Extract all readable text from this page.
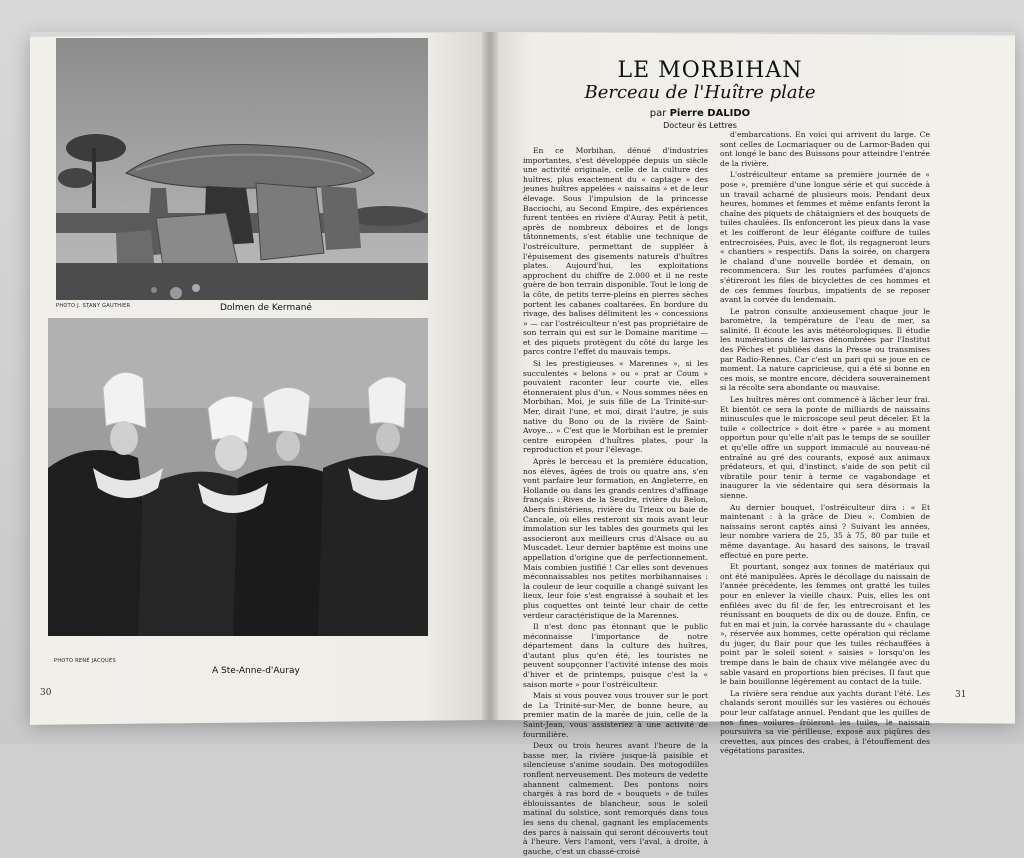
PHOTO J. STANY GAUTHIER	Dolmen de Kermané
PHOTO RENÉ JACQUES
A Ste-Anne-d'Auray
30
LE MORBIHAN
Berceau de l'Huître plate
par Pierre DALIDO
Docteur ès Lettres

En ce Morbihan, dénué d'industries importantes, s'est développée depuis un siècle une activité originale, celle de la culture des huîtres, plus exactement du « captage » des jeunes huîtres appelées « naissains » et de leur élevage. Sous l'impulsion de la princesse Bacciochi, au Second Empire, des expériences furent tentées en rivière d'Auray. Petit à petit, après de nombreux déboires et de longs tâtonnements, s'est établie une technique de l'ostréiculture, permettant de suppléer à l'épuisement des gisements naturels d'huîtres plates. Aujourd'hui, les exploitations approchent du chiffre de 2.000 et il ne reste guère de bon terrain disponible. Tout le long de la côte, de petits terre-pleins en pierres sèches portent les cabanes coaltarées. En bordure du rivage, des balises délimitent les « concessions » — car l'ostréiculteur n'est pas propriétaire de son terrain qui est sur le Domaine maritime — et des piquets protègent du côté du large les parcs contre l'effet du mauvais temps.

Si les prestigieuses « Marennes », si les succulentes « belons » ou « prat ar Coum » pouvaient raconter leur courte vie, elles étonneraient plus d'un. « Nous sommes nées en Morbihan. Moi, je suis fille de La Trinité-sur-Mer, dirait l'une, et moi, dirait l'autre, je suis native du Bono ou de la rivière de Saint-Avoye... » C'est que le Morbihan est le premier centre européen d'huîtres plates, pour la reproduction et pour l'élevage.

Après le berceau et la première éducation, nos élèves, âgées de trois ou quatre ans, s'en vont parfaire leur formation, en Angleterre, en Hollande ou dans les grands centres d'affinage français : Rives de la Seudre, rivière du Belon, Abers finistériens, rivière du Trieux ou baie de Cancale, où elles resteront six mois avant leur immolation sur les tables des gourmets qui les associeront aux meilleurs crus d'Alsace ou au Muscadet. Leur dernier baptême est moins une appellation d'origine que de perfectionnement. Mais combien justifié ! Car elles sont devenues méconnaissables nos petites morbihannaises : la couleur de leur coquille a changé suivant les lieux, leur foie s'est engraissé à souhait et les plus coquettes ont teinté leur chair de cette verdeur caractéristique de la Marennes.

Il n'est donc pas étonnant que le public méconnaisse l'importance de notre département dans la culture des huîtres, d'autant plus qu'en été, les touristes ne peuvent soupçonner l'activité intense des mois d'hiver et de printemps, puisque c'est la « saison morte » pour l'ostréiculteur.

Mais si vous pouvez vous trouver sur le port de La Trinité-sur-Mer, de bonne heure, au premier matin de la marée de juin, celle de la Saint-Jean, vous assisteriez à une activité de fourmilière.

Deux ou trois heures avant l'heure de la basse mer, la rivière jusque-là paisible et silencieuse s'anime soudain. Des motogodilles ronflent nerveusement. Des moteurs de vedette ahannent calmement. Des pontons noirs chargés à ras bord de « bouquets » de tuiles éblouissantes de blancheur, sous le soleil matinal du solstice, sont remorqués dans tous les sens du chenal, gagnant les emplacements des parcs à naissain qui seront découverts tout à l'heure. Vers l'amont, vers l'aval, à droite, à gauche, c'est un chassé-croisé

d'embarcations. En voici qui arrivent du large. Ce sont celles de Locmariaquer ou de Larmor-Baden qui ont longé le banc des Buissons pour atteindre l'entrée de la rivière.

L'ostréiculteur entame sa première journée de « pose », première d'une longue série et qui succède à un travail acharné de plusieurs mois. Pendant deux heures, hommes et femmes et même enfants feront la chaîne des piquets de châtaigniers et des bouquets de tuiles chaulées. Ils enfonceront les pieux dans la vase et les coifferont de leur élégante coiffure de tuiles entrecroisées. Puis, avec le flot, ils regagneront leurs « chantiers » respectifs. Dans la soirée, on chargera le chaland d'une nouvelle bordée et demain, on recommencera. Sur les routes parfumées d'ajoncs s'étireront les files de bicyclettes de ces hommes et de ces femmes fourbus, impatients de se reposer avant la corvée du lendemain.

Le patron consulte anxieusement chaque jour le baromètre, la température de l'eau de mer, sa salinité. Il écoute les avis météorologiques. Il étudie les numérations de larves dénombrées par l'Institut des Pêches et publiées dans la Presse ou transmises par Radio-Rennes. Car c'est un pari qui se joue en ce moment. La nature capricieuse, qui a été si bonne en ces mois, se montre encore, décidera souverainement si la récolte sera abondante ou mauvaise.

Les huîtres mères ont commencé à lâcher leur frai. Et bientôt ce sera la ponte de milliards de naissains minuscules que le microscope seul peut déceler. Et la tuile « collectrice » doit être « parée » au moment opportun pour qu'elle n'ait pas le temps de se souiller et qu'elle offre un support immaculé au nouveau-né entraîné au gré des courants, exposé aux animaux prédateurs, et qui, d'instinct, s'aide de son petit cil vibratile pour tenir à terme ce vagabondage et inaugurer la vie sédentaire qui sera désormais la sienne.

Au dernier bouquet, l'ostréiculteur dira : « Et maintenant : à la grâce de Dieu ». Combien de naissains seront captés ainsi ? Suivant les années, leur nombre variera de 25, 35 à 75, 80 par tuile et même davantage. Au hasard des saisons, le travail effectué en pure perte.

Et pourtant, songez aux tonnes de matériaux qui ont été manipulées. Après le décollage du naissain de l'année précédente, les femmes ont gratté les tuiles pour en enlever la vieille chaux. Puis, elles les ont enfilées avec du fil de fer, les entrecroisant et les réunissant en bouquets de dix ou de douze. Enfin, ce fut en mai et juin, la corvée harassante du « chaulage », réservée aux hommes, cette opération qui réclame du juger, du flair pour que les tuiles réchauffées à point par le soleil soient « saisies » lorsqu'on les trempe dans le bain de chaux vive mélangée avec du sable vasard en proportions bien précises. Il faut que le bain bouillonne légèrement au contact de la tuile.

La rivière sera rendue aux yachts durant l'été. Les chalands seront mouillés sur les vasières ou échoués pour leur calfatage annuel. Pendant que les quilles de nos fines voilures frôleront les tuiles, le naissain poursuivra sa vie périlleuse, exposé aux piqûres des crevettes, aux pinces des crabes, à l'étouffement des végétations parasites.

31
